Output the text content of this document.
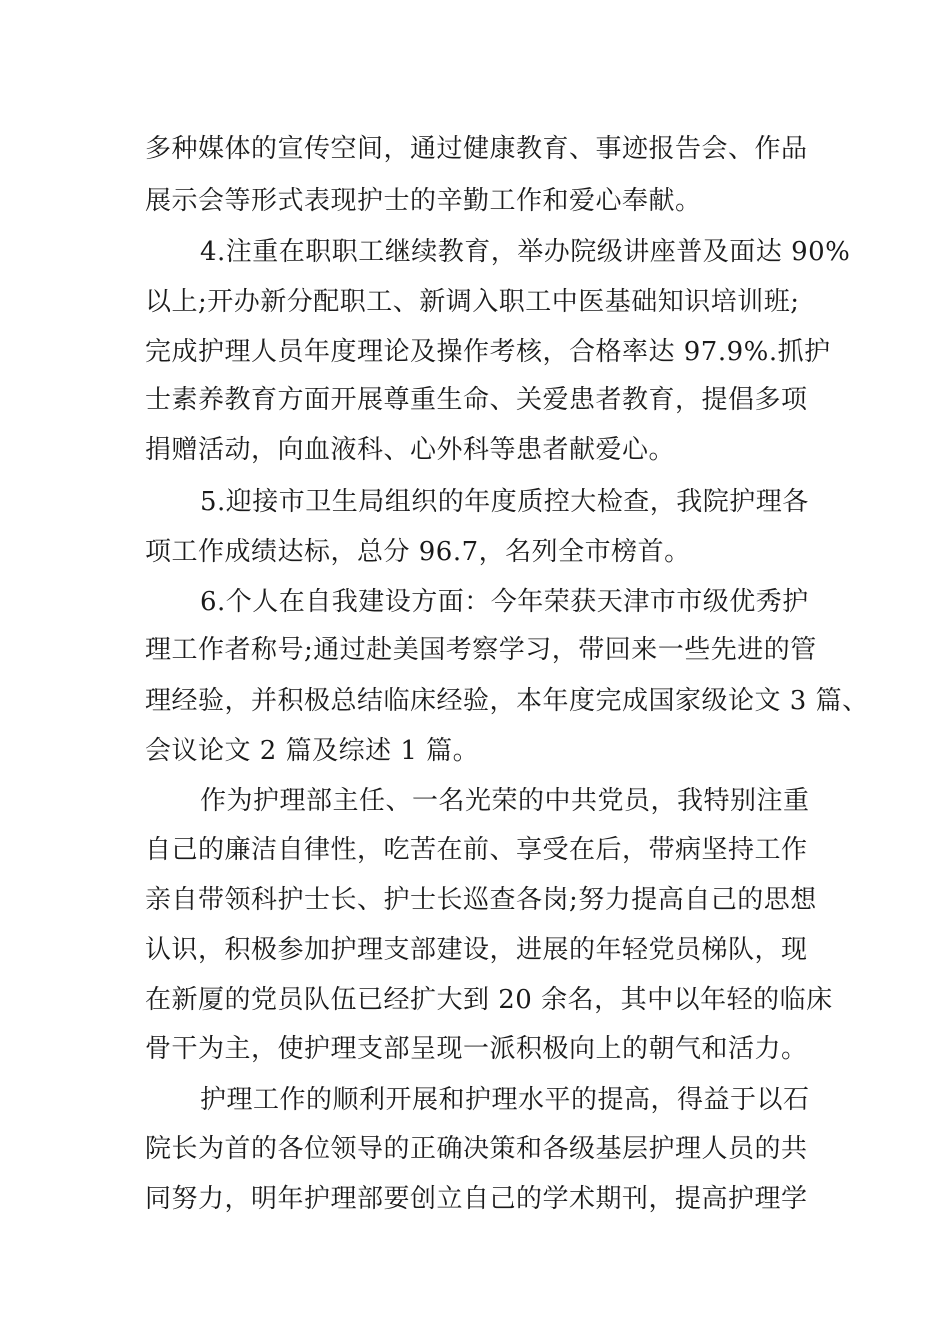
多种媒体的宣传空间，通过健康教育、事迹报告会、作品

展示会等形式表现护士的辛勤工作和爱心奉献。

4.注重在职职工继续教育，举办院级讲座普及面达 90%

以上;开办新分配职工、新调入职工中医基础知识培训班;

完成护理人员年度理论及操作考核，合格率达 97.9%.抓护

士素养教育方面开展尊重生命、关爱患者教育，提倡多项

捐赠活动，向血液科、心外科等患者献爱心。

5.迎接市卫生局组织的年度质控大检查，我院护理各

项工作成绩达标，总分 96.7，名列全市榜首。

6.个人在自我建设方面：今年荣获天津市市级优秀护

理工作者称号;通过赴美国考察学习，带回来一些先进的管

理经验，并积极总结临床经验，本年度完成国家级论文 3 篇、

会议论文 2 篇及综述 1 篇。

作为护理部主任、一名光荣的中共党员，我特别注重

自己的廉洁自律性，吃苦在前、享受在后，带病坚持工作

亲自带领科护士长、护士长巡查各岗;努力提高自己的思想

认识，积极参加护理支部建设，进展的年轻党员梯队，现

在新厦的党员队伍已经扩大到 20 余名，其中以年轻的临床

骨干为主，使护理支部呈现一派积极向上的朝气和活力。

护理工作的顺利开展和护理水平的提高，得益于以石

院长为首的各位领导的正确决策和各级基层护理人员的共

同努力，明年护理部要创立自己的学术期刊，提高护理学
